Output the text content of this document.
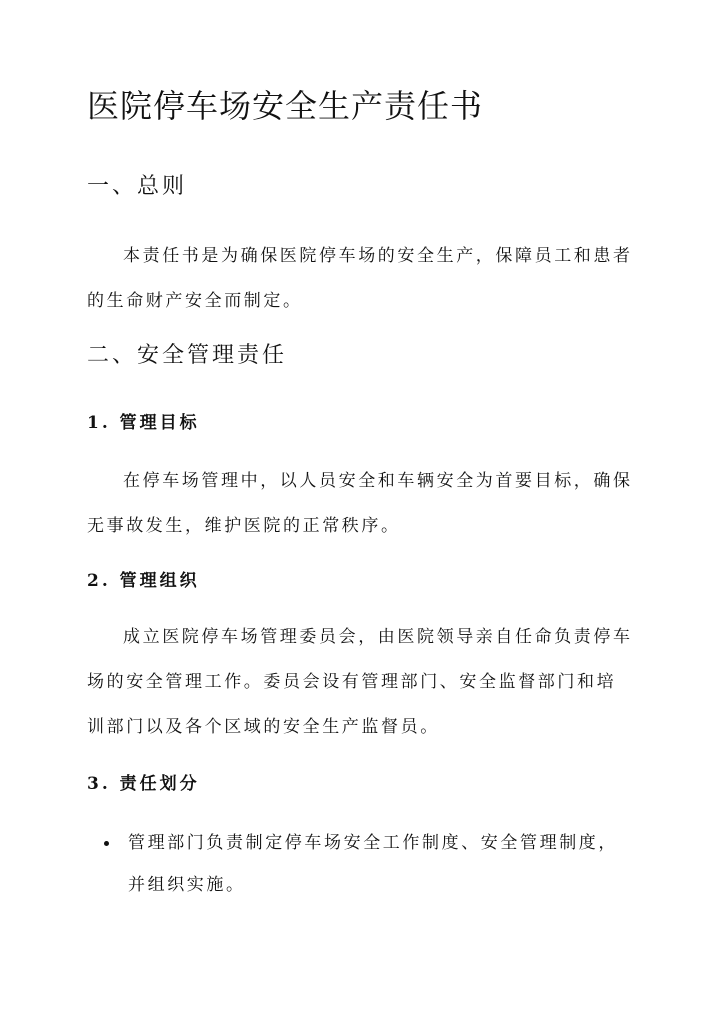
医院停车场安全生产责任书
一、总则

本责任书是为确保医院停车场的安全生产，保障员工和患者的生命财产安全而制定。

二、安全管理责任
1. 管理目标

在停车场管理中，以人员安全和车辆安全为首要目标，确保无事故发生，维护医院的正常秩序。

2. 管理组织

成立医院停车场管理委员会，由医院领导亲自任命负责停车场的安全管理工作。委员会设有管理部门、安全监督部门和培训部门以及各个区域的安全生产监督员。

3. 责任划分

管理部门负责制定停车场安全工作制度、安全管理制度，并组织实施。
